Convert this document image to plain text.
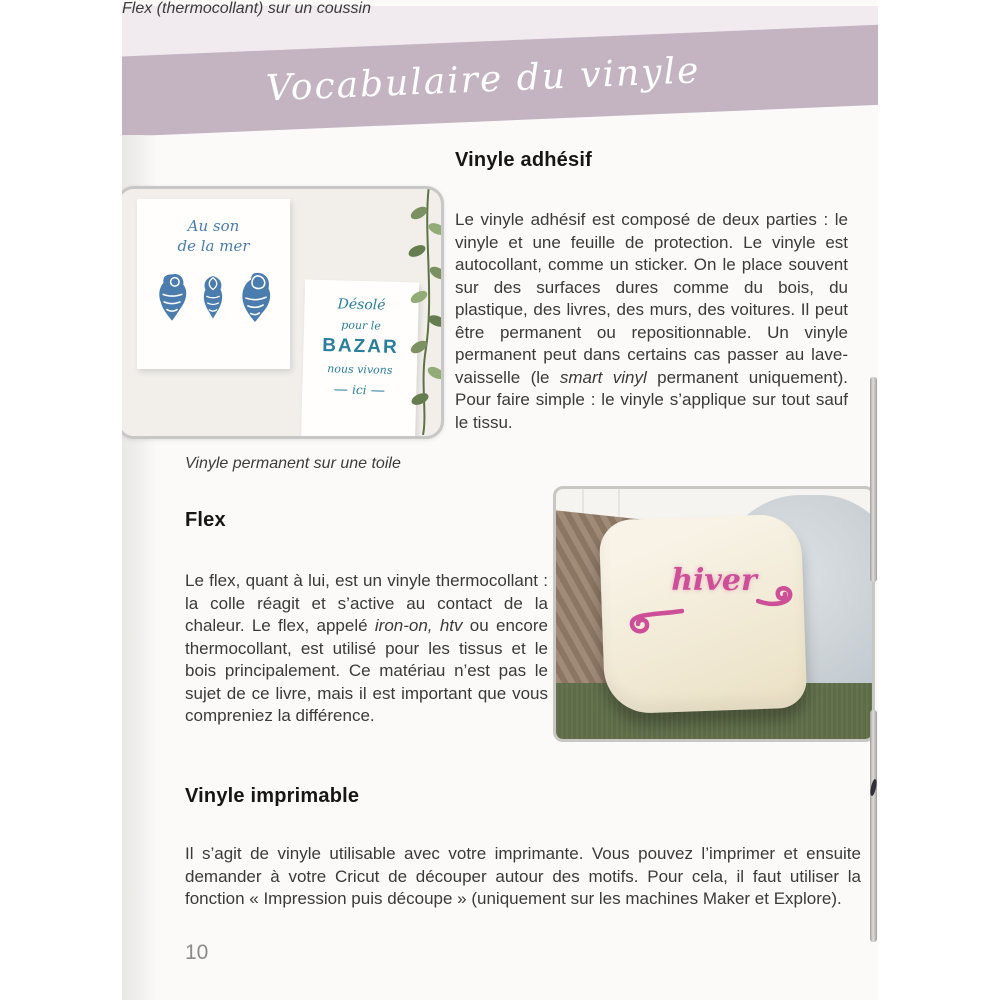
Vocabulaire du vinyle
Vinyle adhésif

Le vinyle adhésif est composé de deux parties : le vinyle et une feuille de protection. Le vinyle est autocollant, comme un sticker. On le place souvent sur des surfaces dures comme du bois, du plastique, des livres, des murs, des voitures. Il peut être permanent ou repositionnable. Un vinyle permanent peut dans certains cas passer au lave-vaisselle (le smart vinyl permanent uniquement). Pour faire simple : le vinyle s’applique sur tout sauf le tissu.

Au son
de la mer
Désolé
pour le
BAZAR
nous vivons
ici
Vinyle permanent sur une toile
Flex

Le flex, quant à lui, est un vinyle thermocollant : la colle réagit et s’active au contact de la chaleur. Le flex, appelé iron-on, htv ou encore thermocollant, est utilisé pour les tissus et le bois principalement. Ce matériau n’est pas le sujet de ce livre, mais il est important que vous compreniez la différence.

hiver
Flex (thermocollant) sur un coussin
Vinyle imprimable

Il s’agit de vinyle utilisable avec votre imprimante. Vous pouvez l’imprimer et ensuite demander à votre Cricut de découper autour des motifs. Pour cela, il faut utiliser la fonction « Impression puis découpe » (uniquement sur les machines Maker et Explore).

10
